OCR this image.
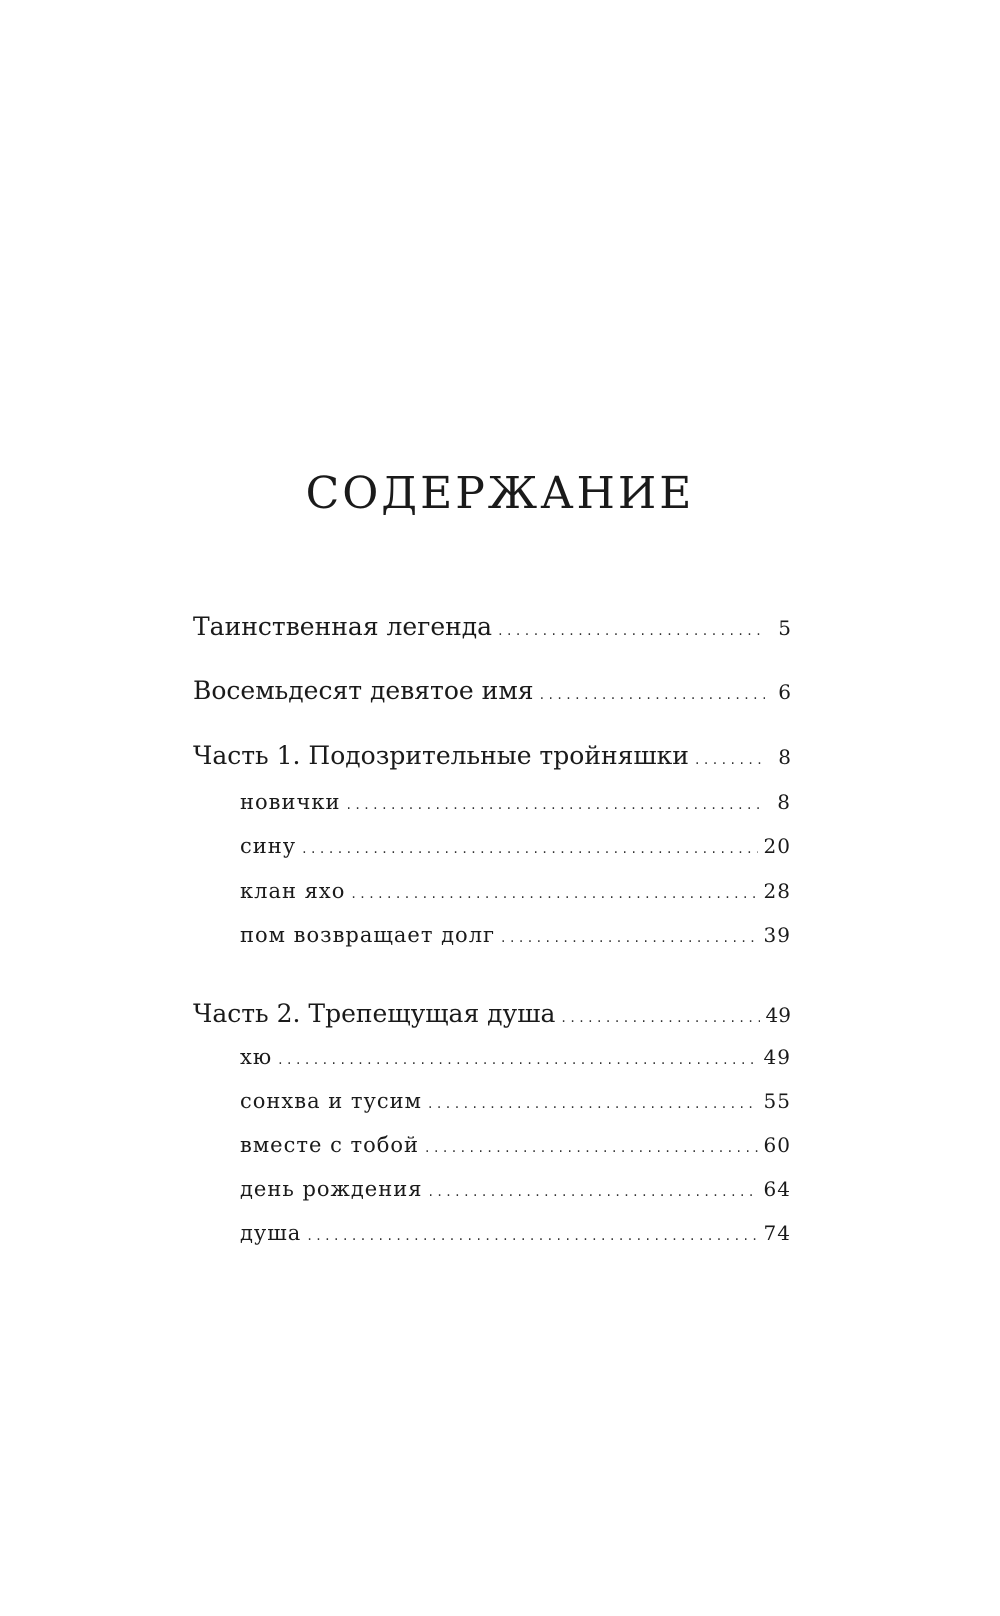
СОДЕРЖАНИЕ
Таинственная легенда . . .	5
Восемьдесят девятое имя . . .	6
Часть 1. Подозрительные тройняшки . . .	8
новички . . .	8
сину . . .	20
клан яхо . . .	28
пом возвращает долг . . .	39
Часть 2. Трепещущая душа . . .	49
хю . . .	49
сонхва и тусим . . .	55
вместе с тобой . . .	60
день рождения . . .	64
душа . . .	74
